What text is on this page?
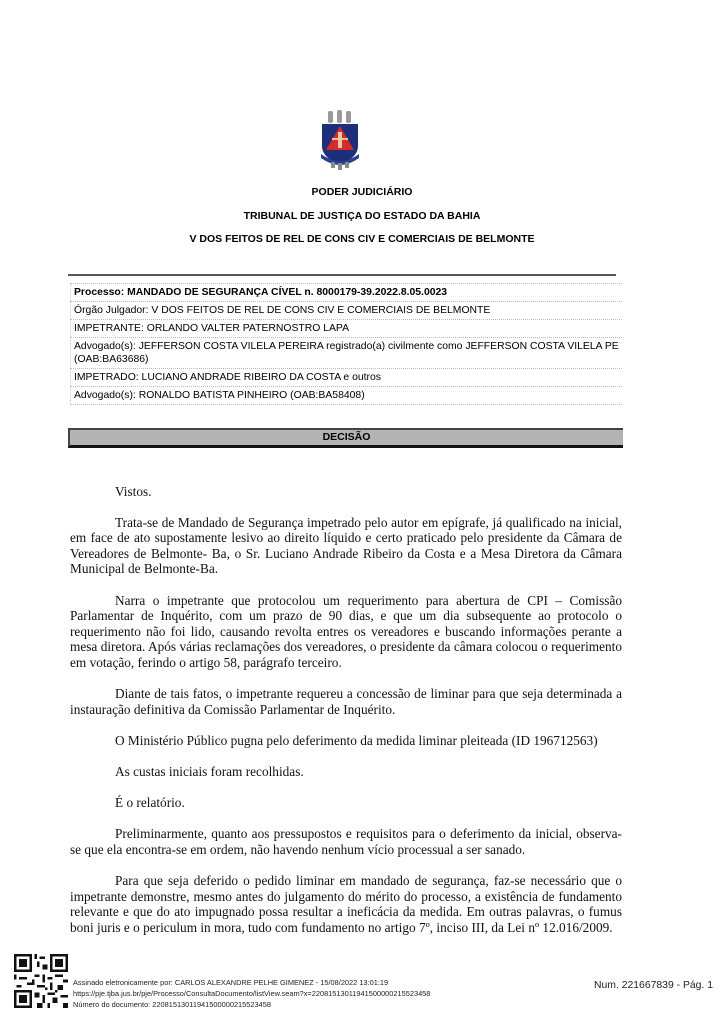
PODER JUDICIÁRIO
TRIBUNAL DE JUSTIÇA DO ESTADO DA BAHIA
V DOS FEITOS DE REL DE CONS CIV E COMERCIAIS DE BELMONTE
Processo: MANDADO DE SEGURANÇA CÍVEL n. 8000179-39.2022.8.05.0023
Órgão Julgador: V DOS FEITOS DE REL DE CONS CIV E COMERCIAIS DE BELMONTE
IMPETRANTE: ORLANDO VALTER PATERNOSTRO LAPA
Advogado(s): JEFFERSON COSTA VILELA PEREIRA registrado(a) civilmente como JEFFERSON COSTA VILELA PE
(OAB:BA63686)
IMPETRADO: LUCIANO ANDRADE RIBEIRO DA COSTA e outros
Advogado(s): RONALDO BATISTA PINHEIRO (OAB:BA58408)
DECISÃO

Vistos.

Trata-se de Mandado de Segurança impetrado pelo autor em epígrafe, já qualificado na inicial, em face de ato supostamente lesivo ao direito líquido e certo praticado pelo presidente da Câmara de Vereadores de Belmonte- Ba, o Sr. Luciano Andrade Ribeiro da Costa e a Mesa Diretora da Câmara Municipal de Belmonte-Ba.

Narra o impetrante que protocolou um requerimento para abertura de CPI – Comissão Parlamentar de Inquérito, com um prazo de 90 dias, e que um dia subsequente ao protocolo o requerimento não foi lido, causando revolta entres os vereadores e buscando informações perante a mesa diretora. Após várias reclamações dos vereadores, o presidente da câmara colocou o requerimento em votação, ferindo o artigo 58, parágrafo terceiro.

Diante de tais fatos, o impetrante requereu a concessão de liminar para que seja determinada a instauração definitiva da Comissão Parlamentar de Inquérito.

O Ministério Público pugna pelo deferimento da medida liminar pleiteada (ID 196712563)

As custas iniciais foram recolhidas.

É o relatório.

Preliminarmente, quanto aos pressupostos e requisitos para o deferimento da inicial, observa-se que ela encontra-se em ordem, não havendo nenhum vício processual a ser sanado.

Para que seja deferido o pedido liminar em mandado de segurança, faz-se necessário que o impetrante demonstre, mesmo antes do julgamento do mérito do processo, a existência de fundamento relevante e que do ato impugnado possa resultar a ineficácia da medida. Em outras palavras, o fumus boni juris e o periculum in mora, tudo com fundamento no artigo 7º, inciso III, da Lei nº 12.016/2009.

Assinado eletronicamente por: CARLOS ALEXANDRE PELHE GIMENEZ - 15/08/2022 13:01:19
https://pje.tjba.jus.br/pje/Processo/ConsultaDocumento/listView.seam?x=22081513011941500000215523458
Número do documento: 22081513011941500000215523458
Num. 221667839 - Pág. 1
